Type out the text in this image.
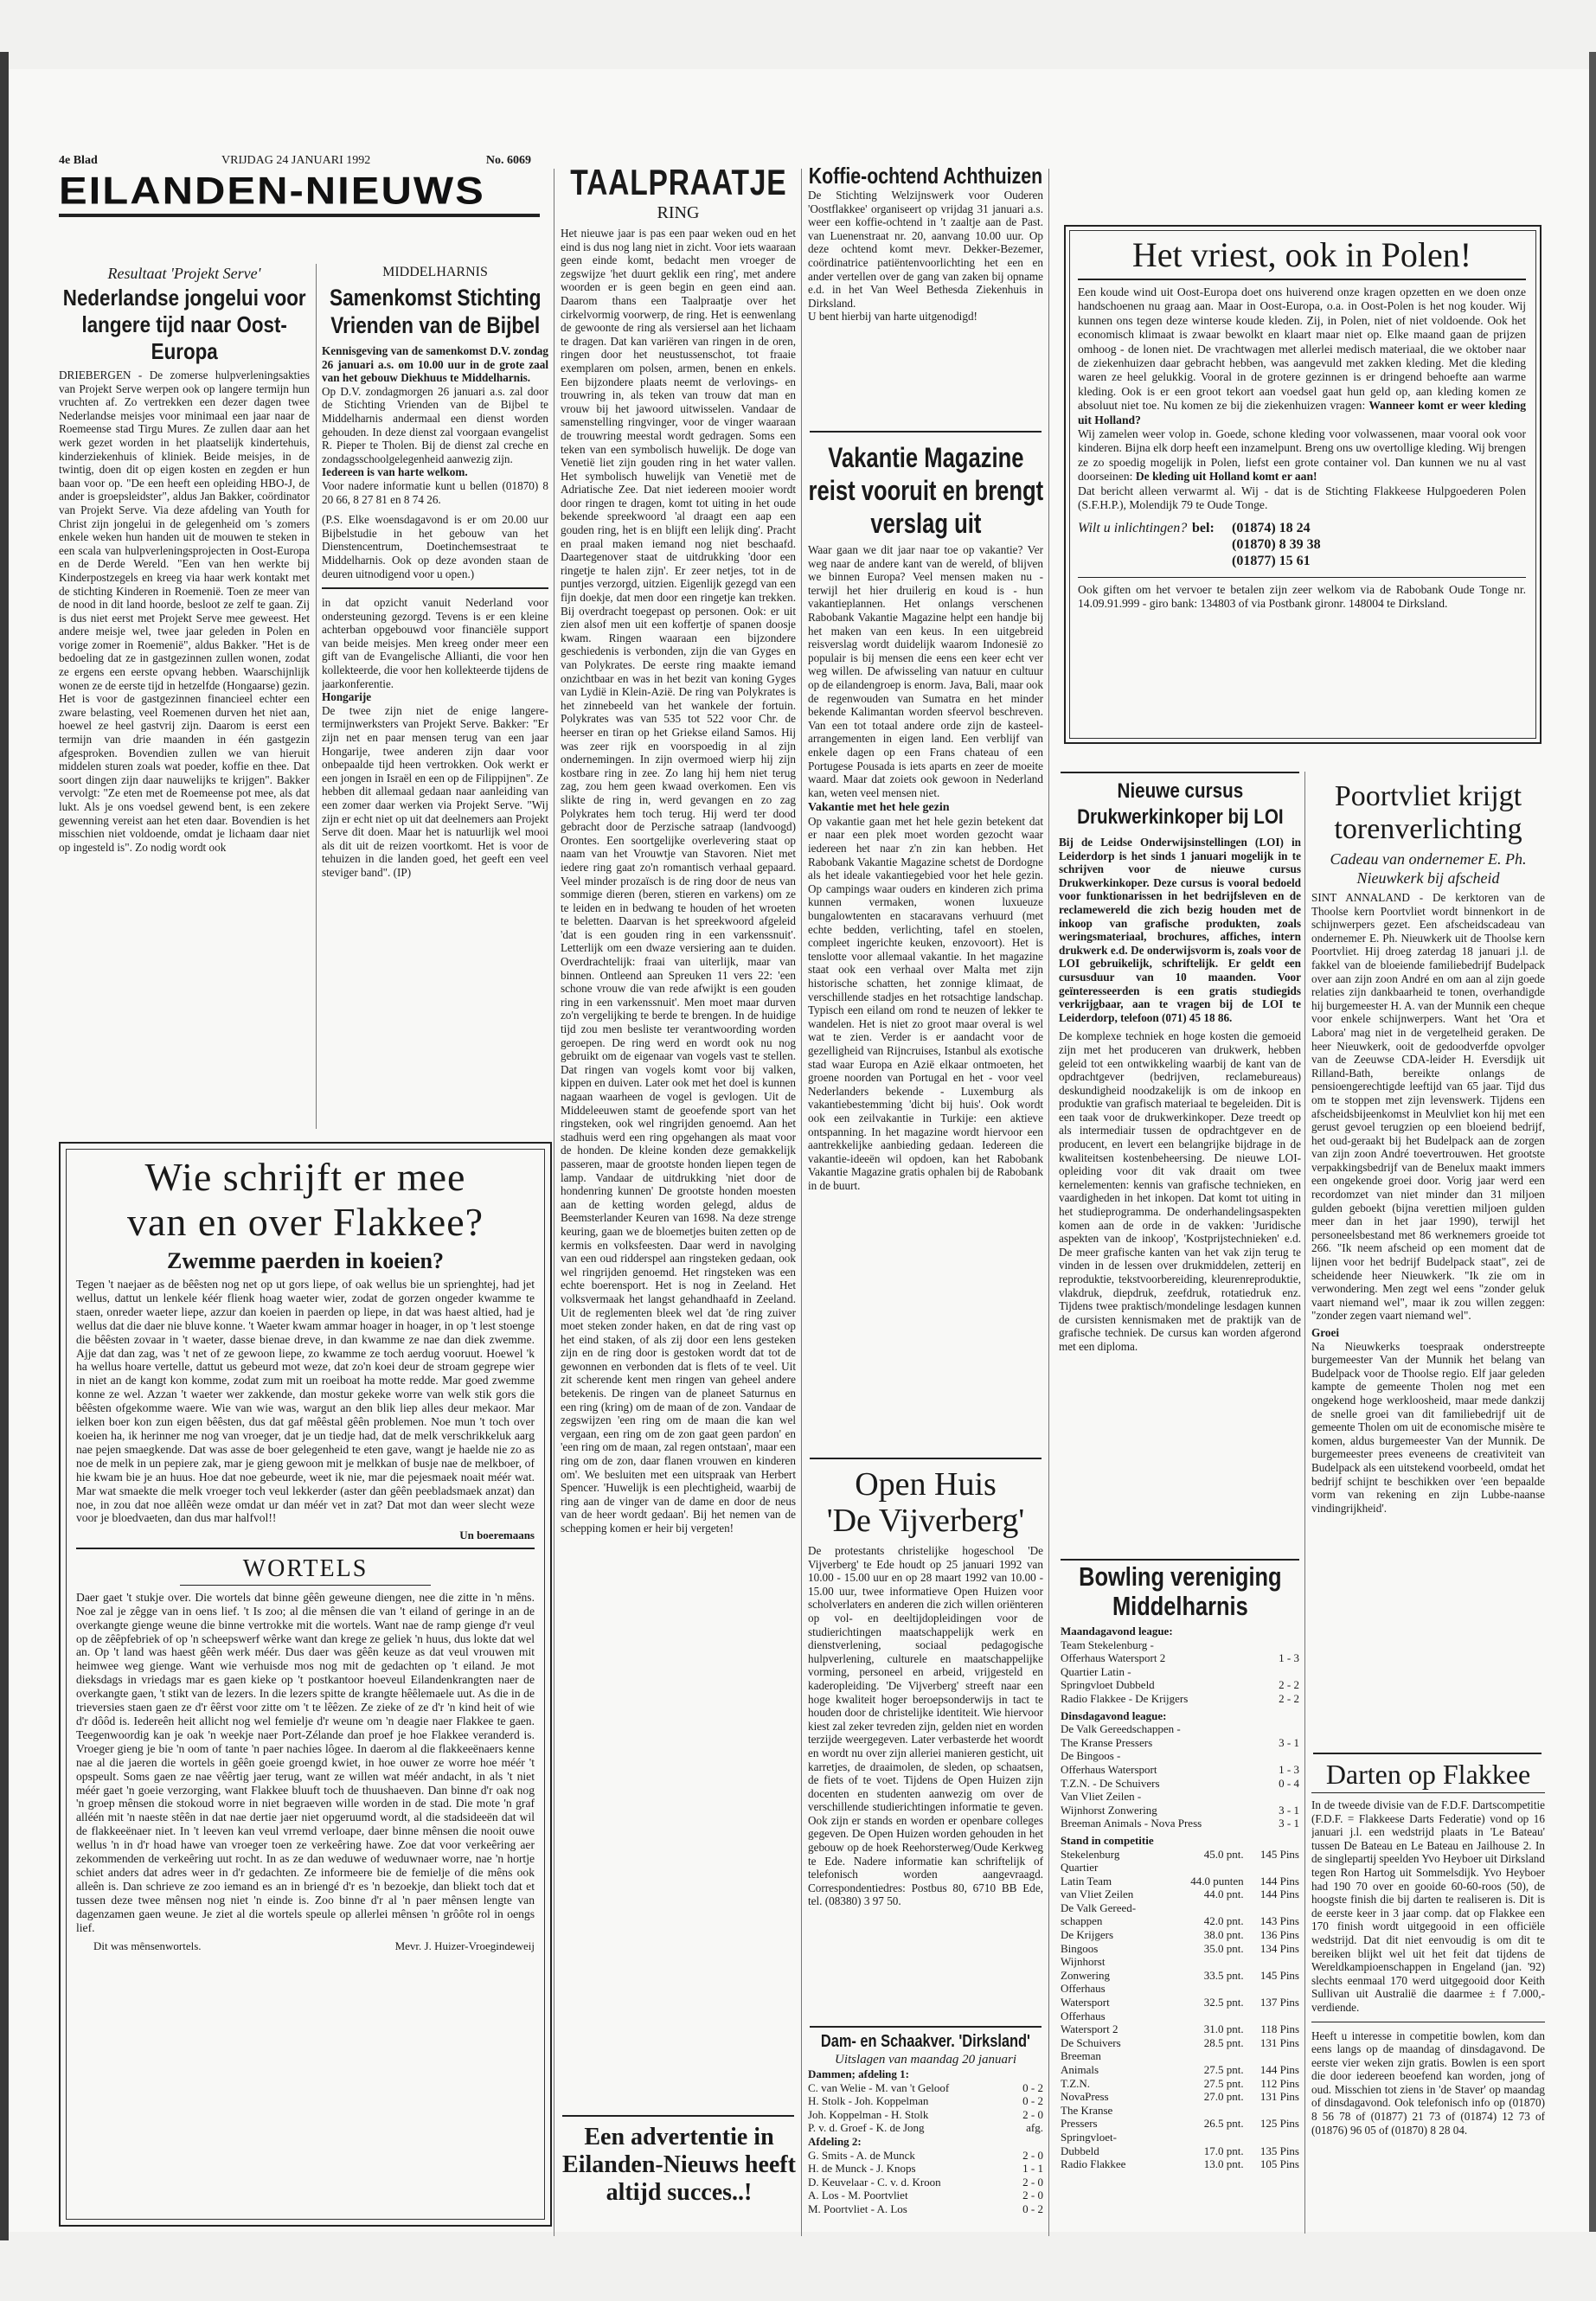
4e Blad	VRIJDAG 24 JANUARI 1992	No. 6069
EILANDEN-NIEUWS
Resultaat 'Projekt Serve'
Nederlandse jongelui voor langere tijd naar Oost-Europa

DRIEBERGEN - De zomerse hulpverleningsakties van Projekt Serve werpen ook op langere termijn hun vruchten af. Zo vertrekken een dezer dagen twee Nederlandse meisjes voor minimaal een jaar naar de Roemeense stad Tirgu Mures. Ze zullen daar aan het werk gezet worden in het plaatselijk kindertehuis, kinderziekenhuis of kliniek. Beide meisjes, in de twintig, doen dit op eigen kosten en zegden er hun baan voor op. "De een heeft een opleiding HBO-J, de ander is groepsleidster", aldus Jan Bakker, coördinator van Projekt Serve. Via deze afdeling van Youth for Christ zijn jongelui in de gelegenheid om 's zomers enkele weken hun handen uit de mouwen te steken in een scala van hulpverleningsprojecten in Oost-Europa en de Derde Wereld. "Een van hen werkte bij Kinderpostzegels en kreeg via haar werk kontakt met de stichting Kinderen in Roemenië. Toen ze meer van de nood in dit land hoorde, besloot ze zelf te gaan. Zij is dus niet eerst met Projekt Serve mee geweest. Het andere meisje wel, twee jaar geleden in Polen en vorige zomer in Roemenië", aldus Bakker. "Het is de bedoeling dat ze in gastgezinnen zullen wonen, zodat ze ergens een eerste opvang hebben. Waarschijnlijk wonen ze de eerste tijd in hetzelfde (Hongaarse) gezin. Het is voor de gastgezinnen financieel echter een zware belasting, veel Roemenen durven het niet aan, hoewel ze heel gastvrij zijn. Daarom is eerst een termijn van drie maanden in één gastgezin afgesproken. Bovendien zullen we van hieruit middelen sturen zoals wat poeder, koffie en thee. Dat soort dingen zijn daar nauwelijks te krijgen". Bakker vervolgt: "Ze eten met de Roemeense pot mee, als dat lukt. Als je ons voedsel gewend bent, is een zekere gewenning vereist aan het eten daar. Bovendien is het misschien niet voldoende, omdat je lichaam daar niet op ingesteld is". Zo nodig wordt ook

MIDDELHARNIS
Samenkomst Stichting Vrienden van de Bijbel

Kennisgeving van de samenkomst D.V. zondag 26 januari a.s. om 10.00 uur in de grote zaal van het gebouw Diekhuus te Middelharnis.

Op D.V. zondagmorgen 26 januari a.s. zal door de Stichting Vrienden van de Bijbel te Middelharnis andermaal een dienst worden gehouden. In deze dienst zal voorgaan evangelist R. Pieper te Tholen. Bij de dienst zal creche en zondagsschoolgelegenheid aanwezig zijn.

Iedereen is van harte welkom.

Voor nadere informatie kunt u bellen (01870) 8 20 66, 8 27 81 en 8 74 26.

(P.S. Elke woensdagavond is er om 20.00 uur Bijbelstudie in het gebouw van het Dienstencentrum, Doetinchemsestraat te Middelharnis. Ook op deze avonden staan de deuren uitnodigend voor u open.)

in dat opzicht vanuit Nederland voor ondersteuning gezorgd. Tevens is er een kleine achterban opgebouwd voor financiële support van beide meisjes. Men kreeg onder meer een gift van de Evangelische Allianti, die voor hen kollekteerde, die voor hen kollekteerde tijdens de jaarkonferentie.

Hongarije

De twee zijn niet de enige langere-termijnwerksters van Projekt Serve. Bakker: "Er zijn net en paar mensen terug van een jaar Hongarije, twee anderen zijn daar voor onbepaalde tijd heen vertrokken. Ook werkt er een jongen in Israël en een op de Filippijnen". Ze hebben dit allemaal gedaan naar aanleiding van een zomer daar werken via Projekt Serve. "Wij zijn er echt niet op uit dat deelnemers aan Projekt Serve dit doen. Maar het is natuurlijk wel mooi als dit uit de reizen voortkomt. Het is voor de tehuizen in die landen goed, het geeft een veel steviger band". (IP)

Wie schrijft er mee
van en over Flakkee?
Zwemme paerden in koeien?

Tegen 't naejaer as de bêêsten nog net op ut gors liepe, of oak wellus bie un sprienghtej, had jet wellus, dattut un lenkele kéér flienk hoag waeter wier, zodat de gorzen ongeder kwamme te staen, onreder waeter liepe, azzur dan koeien in paerden op liepe, in dat was haest altied, had je wellus dat die daer nie bluve konne. 't Waeter kwam ammar hoager in hoager, in op 't lest stoenge die bêêsten zovaar in 't waeter, dasse bienae dreve, in dan kwamme ze nae dan diek zwemme. Ajje dat dan zag, was 't net of ze gewoon liepe, zo kwamme ze toch aerdug vooruut. Hoewel 'k ha wellus hoare vertelle, dattut us gebeurd mot weze, dat zo'n koei deur de stroam gegrepe wier in niet an de kangt kon komme, zodat zum mit un roeiboat ha motte redde. Mar goed zwemme konne ze wel. Azzan 't waeter wer zakkende, dan mostur gekeke worre van welk stik gors die bêêsten ofgekomme waere. Wie van wie was, wargut an den blik liep alles deur mekaor. Mar ielken boer kon zun eigen bêêsten, dus dat gaf mêêstal gêên problemen. Noe mun 't toch over koeien ha, ik herinner me nog van vroeger, dat je un tiedje had, dat de melk verschrikkeluk aarg nae pejen smaegkende. Dat was asse de boer gelegenheid te eten gave, wangt je haelde nie zo as noe de melk in un pepiere zak, mar je gieng gewoon mit je melkkan of busje nae de melkboer, of hie kwam bie je an huus. Hoe dat noe gebeurde, weet ik nie, mar die pejesmaek noait méér wat. Mar wat smaekte die melk vroeger toch veul lekkerder (aster dan gêên peebladsmaek anzat) dan noe, in zou dat noe allêên weze omdat ur dan méér vet in zat? Dat mot dan weer slecht weze voor je bloedvaeten, dan dus mar halfvol!!

Un boeremaans
WORTELS

Daer gaet 't stukje over. Die wortels dat binne gêên geweune diengen, nee die zitte in 'n mêns. Noe zal je zêgge van in oens lief. 't Is zoo; al die mênsen die van 't eiland of geringe in an de overkangte gienge weune die binne vertrokke mit die wortels. Want nae de ramp gienge d'r veul op de zêêpfebriek of op 'n scheepswerf wêrke want dan krege ze geliek 'n huus, dus lokte dat wel an. Op 't land was haest gêên werk méér. Dus daer was gêên keuze as dat veul vrouwen mit heimwee weg gienge. Want wie verhuisde mos nog mit de gedachten op 't eiland. Je mot dieksdags in vriedags mar es gaen kieke op 't postkantoor hoeveul Eilandenkrangten naer de overkangte gaen, 't stikt van de lezers. In die lezers spitte de krangte hêêlemaele uut. As die in de trieversies staen gaen ze d'r êêrst voor zitte om 't te lêêzen. Ze zieke of ze d'r 'n kind heit of wie d'r dôôd is. Iedereên heit allicht nog wel femielje d'r weune om 'n deagie naer Flakkee te gaen. Teegenwoordig kan je oak 'n weekje naer Port-Zélande dan proef je hoe Flakkee veranderd is. Vroeger gieng je bie 'n oom of tante 'n paer nachies lôgee. In daerom al die flakkeeënaers kenne nae al die jaeren die wortels in gêên goeie groengd kwiet, in hoe ouwer ze worre hoe méér 't opspeult. Soms gaen ze nae vêêrtig jaer terug, want ze willen wat méér andacht, in als 't niet méér gaet 'n goeie verzorging, want Flakkee bluuft toch de thuushaeven. Dan binne d'r oak nog 'n groep mênsen die stokoud worre in niet begraeven wille worden in de stad. Die mote 'n graf alléén mit 'n naeste stêên in dat nae dertie jaer niet opgeruumd wordt, al die stadsideeën dat wil de flakkeeënaer niet. In 't leeven kan veul vrremd verloape, daer binne mênsen die nooit ouwe wellus 'n in d'r hoad hawe van vroeger toen ze verkeêring hawe. Zoe dat voor verkeêring aer zekommenden de verkeêring uut rocht. In as ze dan weduwe of weduwnaer worre, nae 'n hortje schiet anders dat adres weer in d'r gedachten. Ze informeere bie de femielje of die mêns ook alleên is. Dan schrieve ze zoo iemand es an in briengé d'r es 'n bezoekje, dan bliekt toch dat et tussen deze twee mênsen nog niet 'n einde is. Zoo binne d'r al 'n paer mênsen lengte van dagenzamen gaen weune. Je ziet al die wortels speule op allerlei mênsen 'n grôôte rol in oengs lief.

Dit was mênsenwortels.	Mevr. J. Huizer-Vroegindeweij
TAALPRAATJE
RING

Het nieuwe jaar is pas een paar weken oud en het eind is dus nog lang niet in zicht. Voor iets waaraan geen einde komt, bedacht men vroeger de zegswijze 'het duurt geklik een ring', met andere woorden er is geen begin en geen eind aan. Daarom thans een Taalpraatje over het cirkelvormig voorwerp, de ring. Het is eenwenlang de gewoonte de ring als versiersel aan het lichaam te dragen. Dat kan variëren van ringen in de oren, ringen door het neustussenschot, tot fraaie exemplaren om polsen, armen, benen en enkels. Een bijzondere plaats neemt de verlovings- en trouwring in, als teken van trouw dat man en vrouw bij het jawoord uitwisselen. Vandaar de samenstelling ringvinger, voor de vinger waaraan de trouwring meestal wordt gedragen. Soms een teken van een symbolisch huwelijk. De doge van Venetië liet zijn gouden ring in het water vallen. Het symbolisch huwelijk van Venetië met de Adriatische Zee. Dat niet iedereen mooier wordt door ringen te dragen, komt tot uiting in het oude bekende spreekwoord 'al draagt een aap een gouden ring, het is en blijft een lelijk ding'. Pracht en praal maken iemand nog niet beschaafd. Daartegenover staat de uitdrukking 'door een ringetje te halen zijn'. Er zeer netjes, tot in de puntjes verzorgd, uitzien. Eigenlijk gezegd van een fijn doekje, dat men door een ringetje kan trekken. Bij overdracht toegepast op personen. Ook: er uit zien alsof men uit een koffertje of spanen doosje kwam. Ringen waaraan een bijzondere geschiedenis is verbonden, zijn die van Gyges en van Polykrates. De eerste ring maakte iemand onzichtbaar en was in het bezit van koning Gyges van Lydië in Klein-Azië. De ring van Polykrates is het zinnebeeld van het wankele der fortuin. Polykrates was van 535 tot 522 voor Chr. de heerser en tiran op het Griekse eiland Samos. Hij was zeer rijk en voorspoedig in al zijn ondernemingen. In zijn overmoed wierp hij zijn kostbare ring in zee. Zo lang hij hem niet terug zag, zou hem geen kwaad overkomen. Een vis slikte de ring in, werd gevangen en zo zag Polykrates hem toch terug. Hij werd ter dood gebracht door de Perzische satraap (landvoogd) Orontes. Een soortgelijke overlevering staat op naam van het Vrouwtje van Stavoren. Niet met iedere ring gaat zo'n romantisch verhaal gepaard. Veel minder prozaïsch is de ring door de neus van sommige dieren (beren, stieren en varkens) om ze te leiden en in bedwang te houden of het wroeten te beletten. Daarvan is het spreekwoord afgeleid 'dat is een gouden ring in een varkenssnuit'. Letterlijk om een dwaze versiering aan te duiden. Overdrachtelijk: fraai van uiterlijk, maar van binnen. Ontleend aan Spreuken 11 vers 22: 'een schone vrouw die van rede afwijkt is een gouden ring in een varkenssnuit'. Men moet maar durven zo'n vergelijking te berde te brengen. In de huidige tijd zou men besliste ter verantwoording worden geroepen. De ring werd en wordt ook nu nog gebruikt om de eigenaar van vogels vast te stellen. Dat ringen van vogels komt voor bij valken, kippen en duiven. Later ook met het doel is kunnen nagaan waarheen de vogel is gevlogen. Uit de Middeleeuwen stamt de geoefende sport van het ringsteken, ook wel ringrijden genoemd. Aan het stadhuis werd een ring opgehangen als maat voor de honden. De kleine konden deze gemakkelijk passeren, maar de grootste honden liepen tegen de lamp. Vandaar de uitdrukking 'niet door de hondenring kunnen' De grootste honden moesten aan de ketting worden gelegd, aldus de Beemsterlander Keuren van 1698. Na deze strenge keuring, gaan we de bloemetjes buiten zetten op de kermis en volksfeesten. Daar werd in navolging van een oud ridderspel aan ringsteken gedaan, ook wel ringrijden genoemd. Het ringsteken was een echte boerensport. Het is nog in Zeeland. Het volksvermaak het langst gehandhaafd in Zeeland. Uit de reglementen bleek wel dat 'de ring zuiver moet steken zonder haken, en dat de ring vast op het eind staken, of als zij door een lens gesteken zijn en de ring door is gestoken wordt dat tot de gewonnen en verbonden dat is flets of te veel. Uit zit scherende kent men ringen van geheel andere betekenis. De ringen van de planeet Saturnus en een ring (kring) om de maan of de zon. Vandaar de zegswijzen 'een ring om de maan die kan wel vergaan, een ring om de zon gaat geen pardon' en 'een ring om de maan, zal regen ontstaan', maar een ring om de zon, daar flanen vrouwen en kinderen om'. We besluiten met een uitspraak van Herbert Spencer. 'Huwelijk is een plechtigheid, waarbij de ring aan de vinger van de dame en door de neus van de heer wordt gedaan'. Bij het nemen van de schepping komen er heir bij vergeten!

Een advertentie in Eilanden-Nieuws heeft altijd succes..!
Koffie-ochtend Achthuizen

De Stichting Welzijnswerk voor Ouderen 'Oostflakkee' organiseert op vrijdag 31 januari a.s. weer een koffie-ochtend in 't zaaltje aan de Past. van Luenenstraat nr. 20, aanvang 10.00 uur. Op deze ochtend komt mevr. Dekker-Bezemer, coördinatrice patiëntenvoorlichting het een en ander vertellen over de gang van zaken bij opname e.d. in het Van Weel Bethesda Ziekenhuis in Dirksland.

U bent hierbij van harte uitgenodigd!

Vakantie Magazine reist vooruit en brengt verslag uit

Waar gaan we dit jaar naar toe op vakantie? Ver weg naar de andere kant van de wereld, of blijven we binnen Europa? Veel mensen maken nu - terwijl het hier druilerig en koud is - hun vakantieplannen. Het onlangs verschenen Rabobank Vakantie Magazine helpt een handje bij het maken van een keus. In een uitgebreid reisverslag wordt duidelijk waarom Indonesië zo populair is bij mensen die eens een keer echt ver weg willen. De afwisseling van natuur en cultuur op de eilandengroep is enorm. Java, Bali, maar ook de regenwouden van Sumatra en het minder bekende Kalimantan worden sfeervol beschreven. Van een tot totaal andere orde zijn de kasteel-arrangementen in eigen land. Een verblijf van enkele dagen op een Frans chateau of een Portugese Pousada is iets aparts en zeer de moeite waard. Maar dat zoiets ook gewoon in Nederland kan, weten veel mensen niet.

Vakantie met het hele gezin

Op vakantie gaan met het hele gezin betekent dat er naar een plek moet worden gezocht waar iedereen het naar z'n zin kan hebben. Het Rabobank Vakantie Magazine schetst de Dordogne als het ideale vakantiegebied voor het hele gezin. Op campings waar ouders en kinderen zich prima kunnen vermaken, wonen luxueuze bungalowtenten en stacaravans verhuurd (met echte bedden, verlichting, tafel en stoelen, compleet ingerichte keuken, enzovoort). Het is tenslotte voor allemaal vakantie. In het magazine staat ook een verhaal over Malta met zijn historische schatten, het zonnige klimaat, de verschillende stadjes en het rotsachtige landschap. Typisch een eiland om rond te neuzen of lekker te wandelen. Het is niet zo groot maar overal is wel wat te zien. Verder is er aandacht voor de gezelligheid van Rijncruises, Istanbul als exotische stad waar Europa en Azië elkaar ontmoeten, het groene noorden van Portugal en het - voor veel Nederlanders bekende - Luxemburg als vakantiebestemming 'dicht bij huis'. Ook wordt ook een zeilvakantie in Turkije: een aktieve ontspanning. In het magazine wordt hiervoor een aantrekkelijke aanbieding gedaan. Iedereen die vakantie-ideeën wil opdoen, kan het Rabobank Vakantie Magazine gratis ophalen bij de Rabobank in de buurt.

Open Huis
'De Vijverberg'

De protestants christelijke hogeschool 'De Vijverberg' te Ede houdt op 25 januari 1992 van 10.00 - 15.00 uur en op 28 maart 1992 van 10.00 - 15.00 uur, twee informatieve Open Huizen voor scholverlaters en anderen die zich willen oriënteren op vol- en deeltijdopleidingen voor de studierichtingen maatschappelijk werk en dienstverlening, sociaal pedagogische hulpverlening, culturele en maatschappelijke vorming, personeel en arbeid, vrijgesteld en kaderopleiding. 'De Vijverberg' streeft naar een hoge kwaliteit hoger beroepsonderwijs in tact te houden door de christelijke identiteit. Wie hiervoor kiest zal zeker tevreden zijn, gelden niet en worden terzijde weergegeven. Later verbasterde het woordt en wordt nu over zijn alleriei manieren gesticht, uit karretjes, de draaimolen, de sleden, op schaatsen, de fiets of te voet. Tijdens de Open Huizen zijn docenten en studenten aanwezig om over de verschillende studierichtingen informatie te geven. Ook zijn er stands en worden er openbare colleges gegeven. De Open Huizen worden gehouden in het gebouw op de hoek Reehorsterweg/Oude Kerkweg te Ede. Nadere informatie kan schriftelijk of telefonisch worden aangevraagd. Correspondentiedres: Postbus 80, 6710 BB Ede, tel. (08380) 3 97 50.

Dam- en Schaakver. 'Dirksland'
Uitslagen van maandag 20 januari
Dammen; afdeling 1:
C. van Welie - M. van 't Geloof	0 - 2
H. Stolk - Joh. Koppelman	0 - 2
Joh. Koppelman - H. Stolk	2 - 0
P. v. d. Groef - K. de Jong	afg.
Afdeling 2:
G. Smits - A. de Munck	2 - 0
H. de Munck - J. Knops	1 - 1
D. Keuvelaar - C. v. d. Kroon	2 - 0
A. Los - M. Poortvliet	2 - 0
M. Poortvliet - A. Los	0 - 2
Het vriest, ook in Polen!

Een koude wind uit Oost-Europa doet ons huiverend onze kragen opzetten en we doen onze handschoenen nu graag aan. Maar in Oost-Europa, o.a. in Oost-Polen is het nog kouder. Wij kunnen ons tegen deze winterse koude kleden. Zij, in Polen, niet of niet voldoende. Ook het economisch klimaat is zwaar bewolkt en klaart maar niet op. Elke maand gaan de prijzen omhoog - de lonen niet. De vrachtwagen met allerlei medisch materiaal, die we oktober naar de ziekenhuizen daar gebracht hebben, was aangevuld met zakken kleding. Met die kleding waren ze heel gelukkig. Vooral in de grotere gezinnen is er dringend behoefte aan warme kleding. Ook is er een groot tekort aan voedsel gaat hun geld op, aan kleding komen ze absoluut niet toe. Nu komen ze bij die ziekenhuizen vragen: Wanneer komt er weer kleding uit Holland?

Wij zamelen weer volop in. Goede, schone kleding voor volwassenen, maar vooral ook voor kinderen. Bijna elk dorp heeft een inzamelpunt. Breng ons uw overtollige kleding. Wij brengen ze zo spoedig mogelijk in Polen, liefst een grote container vol. Dan kunnen we nu al vast doorseinen: De kleding uit Holland komt er aan!

Dat bericht alleen verwarmt al. Wij - dat is de Stichting Flakkeese Hulpgoederen Polen (S.F.H.P.), Molendijk 79 te Oude Tonge.

Wilt u inlichtingen? bel: (01874) 18 24
(01870) 8 39 38
(01877) 15 61

Ook giften om het vervoer te betalen zijn zeer welkom via de Rabobank Oude Tonge nr. 14.09.91.999 - giro bank: 134803 of via Postbank gironr. 148004 te Dirksland.

Nieuwe cursus Drukwerkinkoper bij LOI

Bij de Leidse Onderwijsinstellingen (LOI) in Leiderdorp is het sinds 1 januari mogelijk in te schrijven voor de nieuwe cursus Drukwerkinkoper. Deze cursus is vooral bedoeld voor funktionarissen in het bedrijfsleven en de reclamewereld die zich bezig houden met de inkoop van grafische produkten, zoals weringsmateriaal, brochures, affiches, intern drukwerk e.d. De onderwijsvorm is, zoals voor de LOI gebruikelijk, schriftelijk. Er geldt een cursusduur van 10 maanden. Voor geïnteresseerden is een gratis studiegids verkrijgbaar, aan te vragen bij de LOI te Leiderdorp, telefoon (071) 45 18 86.

De komplexe techniek en hoge kosten die gemoeid zijn met het produceren van drukwerk, hebben geleid tot een ontwikkeling waarbij de kant van de opdrachtgever (bedrijven, reclamebureaus) deskundigheid noodzakelijk is om de inkoop en produktie van grafisch materiaal te begeleiden. Dit is een taak voor de drukwerkinkoper. Deze treedt op als intermediair tussen de opdrachtgever en de producent, en levert een belangrijke bijdrage in de kwaliteitsen kostenbeheersing. De nieuwe LOI-opleiding voor dit vak draait om twee kernelementen: kennis van grafische technieken, en vaardigheden in het inkopen. Dat komt tot uiting in het studieprogramma. De onderhandelingsaspekten komen aan de orde in de vakken: 'Juridische aspekten van de inkoop', 'Kostprijstechnieken' e.d. De meer grafische kanten van het vak zijn terug te vinden in de lessen over drukmiddelen, zetterij en reproduktie, tekstvoorbereiding, kleurenreproduktie, vlakdruk, diepdruk, zeefdruk, rotatiedruk enz. Tijdens twee praktisch/mondelinge lesdagen kunnen de cursisten kennismaken met de praktijk van de grafische techniek. De cursus kan worden afgerond met een diploma.

Bowling vereniging Middelharnis
Maandagavond league:
Team Stekelenburg -	
Offerhaus Watersport 2	1 - 3
Quartier Latin -	
Springvloet Dubbeld	2 - 2
Radio Flakkee - De Krijgers	2 - 2
Dinsdagavond league:
De Valk Gereedschappen -	
The Kranse Pressers	3 - 1
De Bingoos -	
Offerhaus Watersport	1 - 3
T.Z.N. - De Schuivers	0 - 4
Van Vliet Zeilen -	
Wijnhorst Zonwering	3 - 1
Breeman Animals - Nova Press	3 - 1
Stand in competitie
Stekelenburg	45.0 pnt.	145 Pins
Quartier		
Latin Team	44.0 punten	144 Pins
van Vliet Zeilen	44.0 pnt.	144 Pins
De Valk Gereed-		
schappen	42.0 pnt.	143 Pins
De Krijgers	38.0 pnt.	136 Pins
Bingoos	35.0 pnt.	134 Pins
Wijnhorst		
Zonwering	33.5 pnt.	145 Pins
Offerhaus		
Watersport	32.5 pnt.	137 Pins
Offerhaus		
Watersport 2	31.0 pnt.	118 Pins
De Schuivers	28.5 pnt.	131 Pins
Breeman		
Animals	27.5 pnt.	144 Pins
T.Z.N.	27.5 pnt.	112 Pins
NovaPress	27.0 pnt.	131 Pins
The Kranse		
Pressers	26.5 pnt.	125 Pins
Springvloet-		
Dubbeld	17.0 pnt.	135 Pins
Radio Flakkee	13.0 pnt.	105 Pins
Poortvliet krijgt torenverlichting
Cadeau van ondernemer E. Ph. Nieuwkerk bij afscheid

SINT ANNALAND - De kerktoren van de Thoolse kern Poortvliet wordt binnenkort in de schijnwerpers gezet. Een afscheidscadeau van ondernemer E. Ph. Nieuwkerk uit de Thoolse kern Poortvliet. Hij droeg zaterdag 18 januari j.l. de fakkel van de bloeiende familiebedrijf Budelpack over aan zijn zoon André en om aan al zijn goede relaties zijn dankbaarheid te tonen, overhandigde hij burgemeester H. A. van der Munnik een cheque voor enkele schijnwerpers. Want het 'Ora et Labora' mag niet in de vergetelheid geraken. De heer Nieuwkerk, ooit de gedoodverfde opvolger van de Zeeuwse CDA-leider H. Eversdijk uit Rilland-Bath, bereikte onlangs de pensioengerechtigde leeftijd van 65 jaar. Tijd dus om te stoppen met zijn levenswerk. Tijdens een afscheidsbijeenkomst in Meulvliet kon hij met een gerust gevoel terugzien op een bloeiend bedrijf, het oud-geraakt bij het Budelpack aan de zorgen van zijn zoon André toevertrouwen. Het grootste verpakkingsbedrijf van de Benelux maakt immers een ongekende groei door. Vorig jaar werd een recordomzet van niet minder dan 31 miljoen gulden geboekt (bijna verettien miljoen gulden meer dan in het jaar 1990), terwijl het personeelsbestand met 86 werknemers groeide tot 266. "Ik neem afscheid op een moment dat de lijnen voor het bedrijf Budelpack staat", zei de scheidende heer Nieuwkerk. "Ik zie om in verwondering. Men zegt wel eens "zonder geluk vaart niemand wel", maar ik zou willen zeggen: "zonder zegen vaart niemand wel".

Groei

Na Nieuwkerks toespraak onderstreepte burgemeester Van der Munnik het belang van Budelpack voor de Thoolse regio. Elf jaar geleden kampte de gemeente Tholen nog met een ongekend hoge werkloosheid, maar mede dankzij de snelle groei van dit familiebedrijf uit de gemeente Tholen om uit de economische misère te komen, aldus burgemeester Van der Munnik. De burgemeester prees eveneens de creativiteit van Budelpack als een uitstekend voorbeeld, omdat het bedrijf schijnt te beschikken over 'een bepaalde vorm van rekening en zijn Lubbe-naanse vindingrijkheid'.

Darten op Flakkee

In de tweede divisie van de F.D.F. Dartscompetitie (F.D.F. = Flakkeese Darts Federatie) vond op 16 januari j.l. een wedstrijd plaats in 'Le Bateau' tussen De Bateau en Le Bateau en Jailhouse 2. In de singlepartij speelden Yvo Heyboer uit Dirksland tegen Ron Hartog uit Sommelsdijk. Yvo Heyboer had 190 70 over en gooide 60-60-roos (50), de hoogste finish die bij darten te realiseren is. Dit is de eerste keer in 3 jaar comp. dat op Flakkee een 170 finish wordt uitgegooid in een officiële wedstrijd. Dat dit niet eenvoudig is om dit te bereiken blijkt wel uit het feit dat tijdens de Wereldkampioenschappen in Engeland (jan. '92) slechts eenmaal 170 werd uitgegooid door Keith Sullivan uit Australië die daarmee ± f 7.000,- verdiende.

Heeft u interesse in competitie bowlen, kom dan eens langs op de maandag of dinsdagavond. De eerste vier weken zijn gratis. Bowlen is een sport die door iedereen beoefend kan worden, jong of oud. Misschien tot ziens in 'de Staver' op maandag of dinsdagavond. Ook telefonisch info op (01870) 8 56 78 of (01877) 21 73 of (01874) 12 73 of (01876) 96 05 of (01870) 8 28 04.
